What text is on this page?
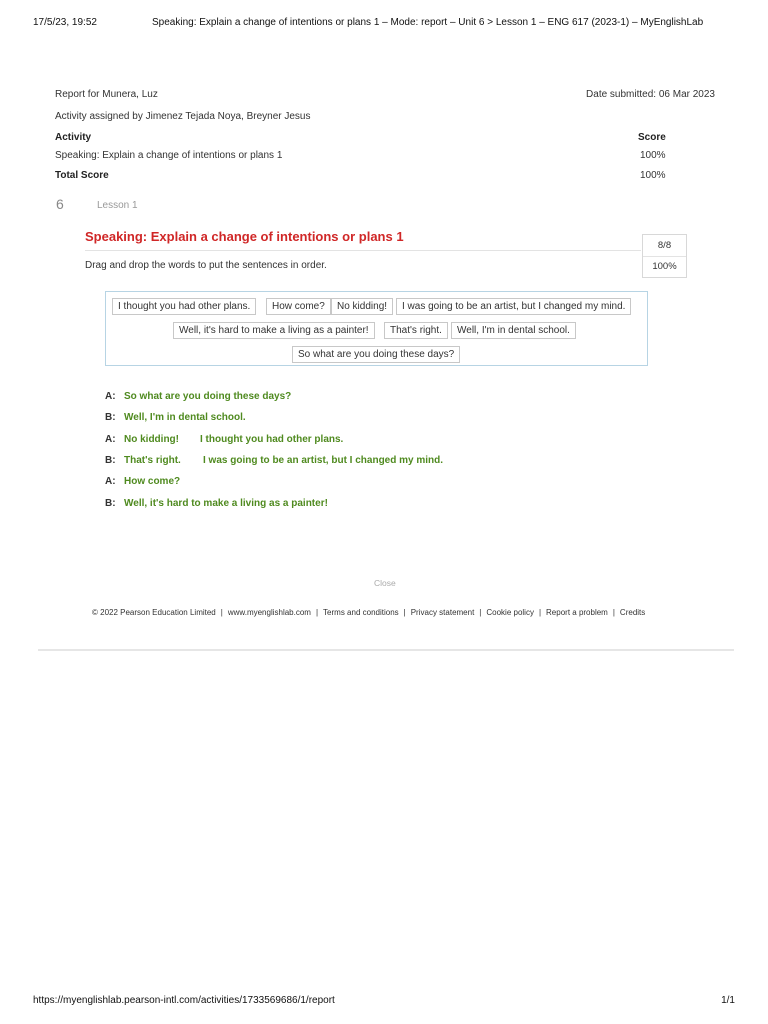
17/5/23, 19:52	Speaking: Explain a change of intentions or plans 1 – Mode: report – Unit 6 > Lesson 1 – ENG 617 (2023-1) – MyEnglishLab
Report for Munera, Luz	Date submitted: 06 Mar 2023
Activity assigned by Jimenez Tejada Noya, Breyner Jesus
Activity	Score
Speaking: Explain a change of intentions or plans 1	100%
Total Score	100%
6	Lesson 1
Speaking: Explain a change of intentions or plans 1
8/8
100%
Drag and drop the words to put the sentences in order.
I thought you had other plans.	How come?	No kidding!	I was going to be an artist, but I changed my mind.
Well, it's hard to make a living as a painter!	That's right.	Well, I'm in dental school.
So what are you doing these days?
A: So what are you doing these days?
B: Well, I'm in dental school.
A: No kidding! I thought you had other plans.
B: That's right. I was going to be an artist, but I changed my mind.
A: How come?
B: Well, it's hard to make a living as a painter!
Close
© 2022 Pearson Education Limited | www.myenglishlab.com | Terms and conditions | Privacy statement | Cookie policy | Report a problem | Credits
https://myenglishlab.pearson-intl.com/activities/1733569686/1/report	1/1
